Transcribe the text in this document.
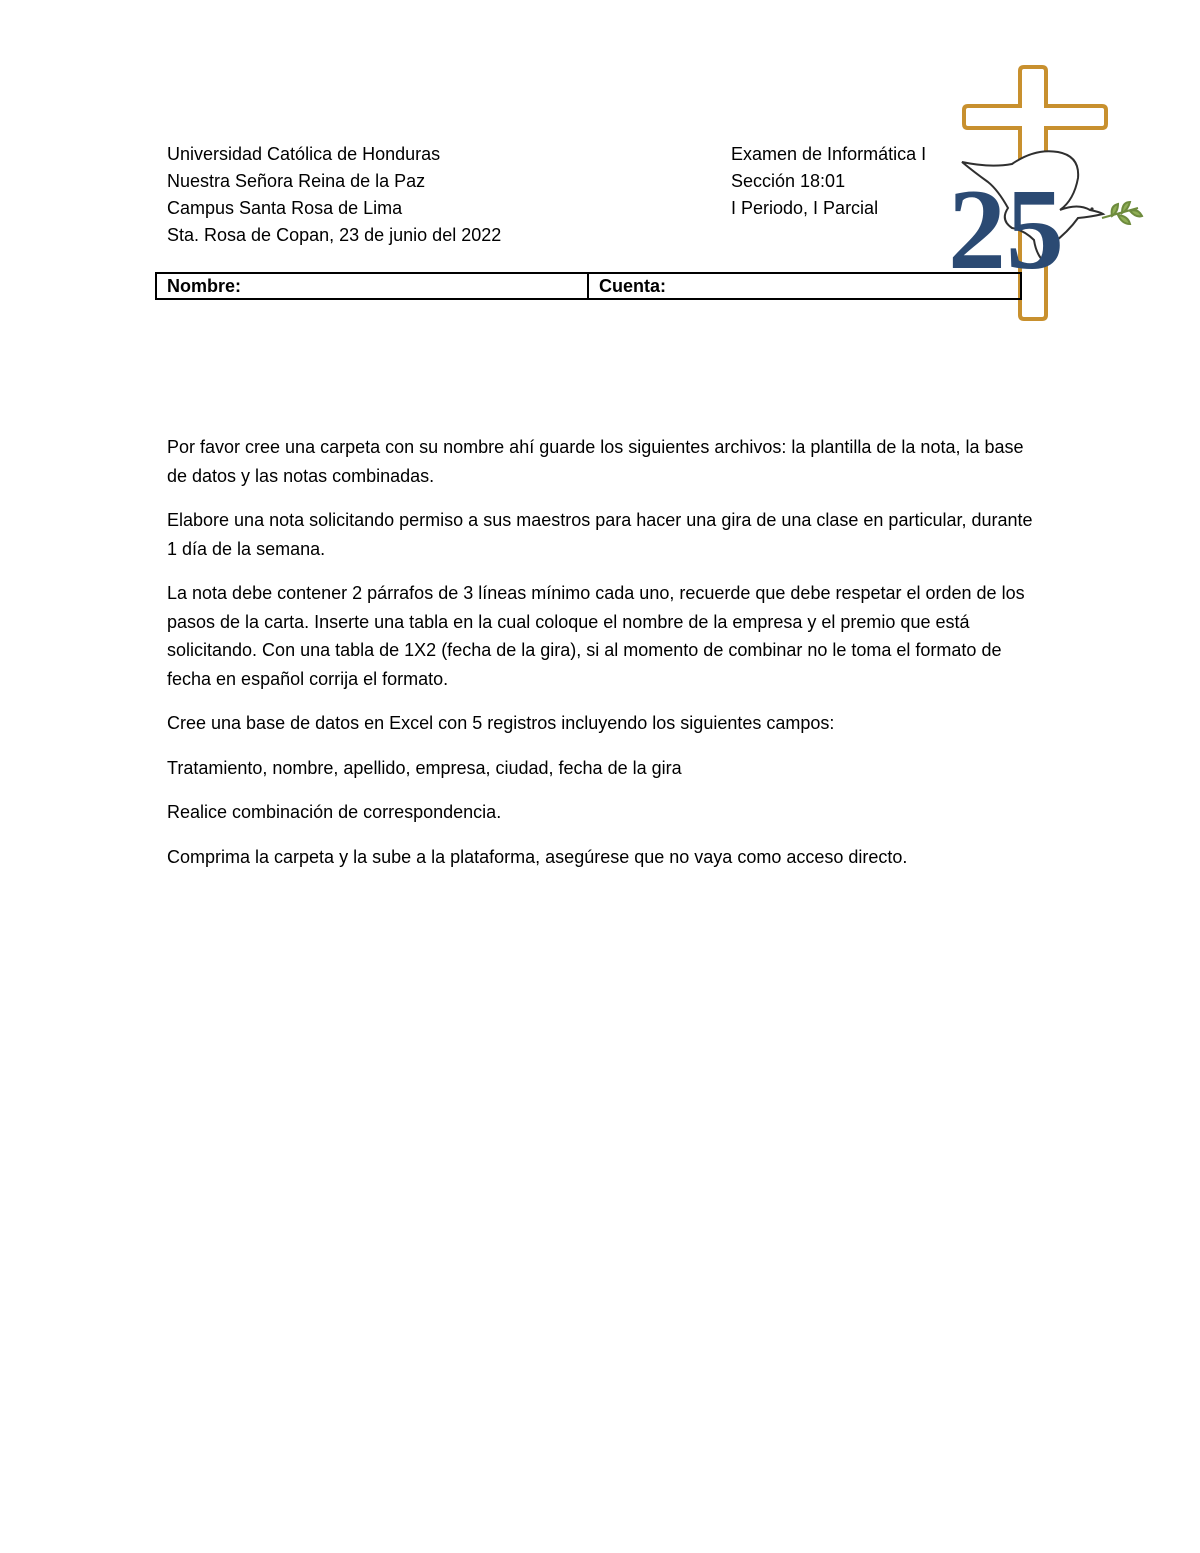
Universidad Católica de Honduras
Nuestra Señora Reina de la Paz
Campus Santa Rosa de Lima
Sta. Rosa de Copan, 23 de junio del 2022
Examen de Informática I
Sección 18:01
I Periodo, I Parcial 25
Nombre:	Cuenta:

Por favor cree una carpeta con su nombre ahí guarde los siguientes archivos: la plantilla de la nota, la base de datos y las notas combinadas.

Elabore una nota solicitando permiso a sus maestros para hacer una gira de una clase en particular, durante 1 día de la semana.

La nota debe contener 2 párrafos de 3 líneas mínimo cada uno, recuerde que debe respetar el orden de los pasos de la carta. Inserte una tabla en la cual coloque el nombre de la empresa y el premio que está solicitando. Con una tabla de 1X2 (fecha de la gira), si al momento de combinar no le toma el formato de fecha en español corrija el formato.

Cree una base de datos en Excel con 5 registros incluyendo los siguientes campos:

Tratamiento, nombre, apellido, empresa, ciudad, fecha de la gira

Realice combinación de correspondencia.

Comprima la carpeta y la sube a la plataforma, asegúrese que no vaya como acceso directo.
